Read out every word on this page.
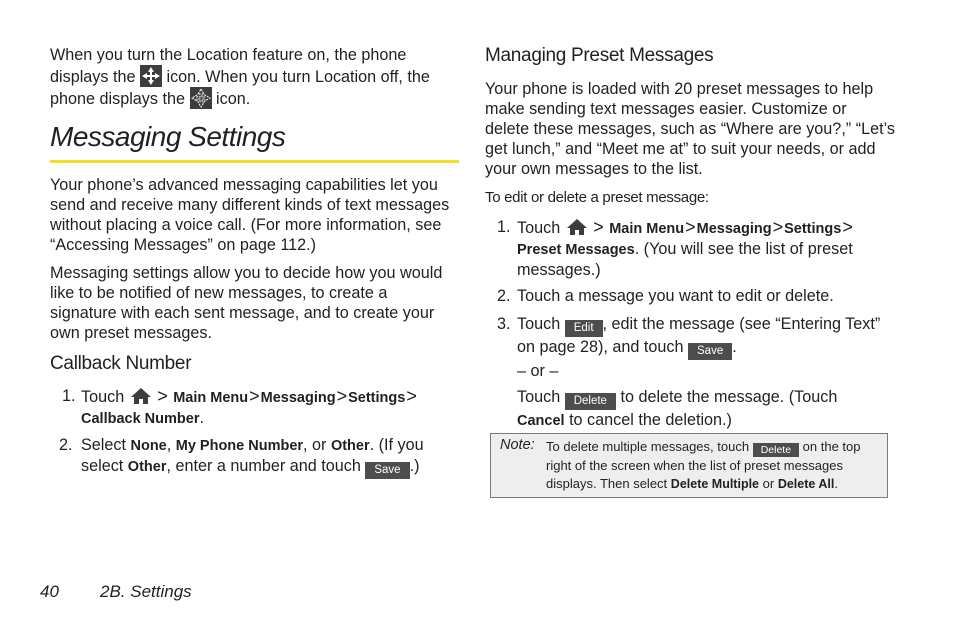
When you turn the Location feature on, the phone displays the icon. When you turn Location off, the phone displays the icon.

Messaging Settings

Your phone’s advanced messaging capabilities let you send and receive many different kinds of text messages without placing a voice call. (For more information, see “Accessing Messages” on page 112.)

Messaging settings allow you to decide how you would like to be notified of new messages, to create a signature with each sent message, and to create your own preset messages.

Callback Number
1. Touch > Main Menu>Messaging>Settings> Callback Number.

2. Select None, My Phone Number, or Other. (If you select Other, enter a number and touch Save .)

Managing Preset Messages

Your phone is loaded with 20 preset messages to help make sending text messages easier. Customize or delete these messages, such as “Where are you?,” “Let’s get lunch,” and “Meet me at” to suit your needs, or add your own messages to the list.

To edit or delete a preset message:

1. Touch > Main Menu>Messaging>Settings> Preset Messages. (You will see the list of preset messages.)

2. Touch a message you want to edit or delete.

3. Touch Edit , edit the message (see “Entering Text” on page 28), and touch Save .

– or –

Touch Delete to delete the message. (Touch
Cancel to cancel the deletion.)

Note: To delete multiple messages, touch Delete on the top right of the screen when the list of preset messages displays. Then select Delete Multiple or Delete All.
40 2B. Settings
